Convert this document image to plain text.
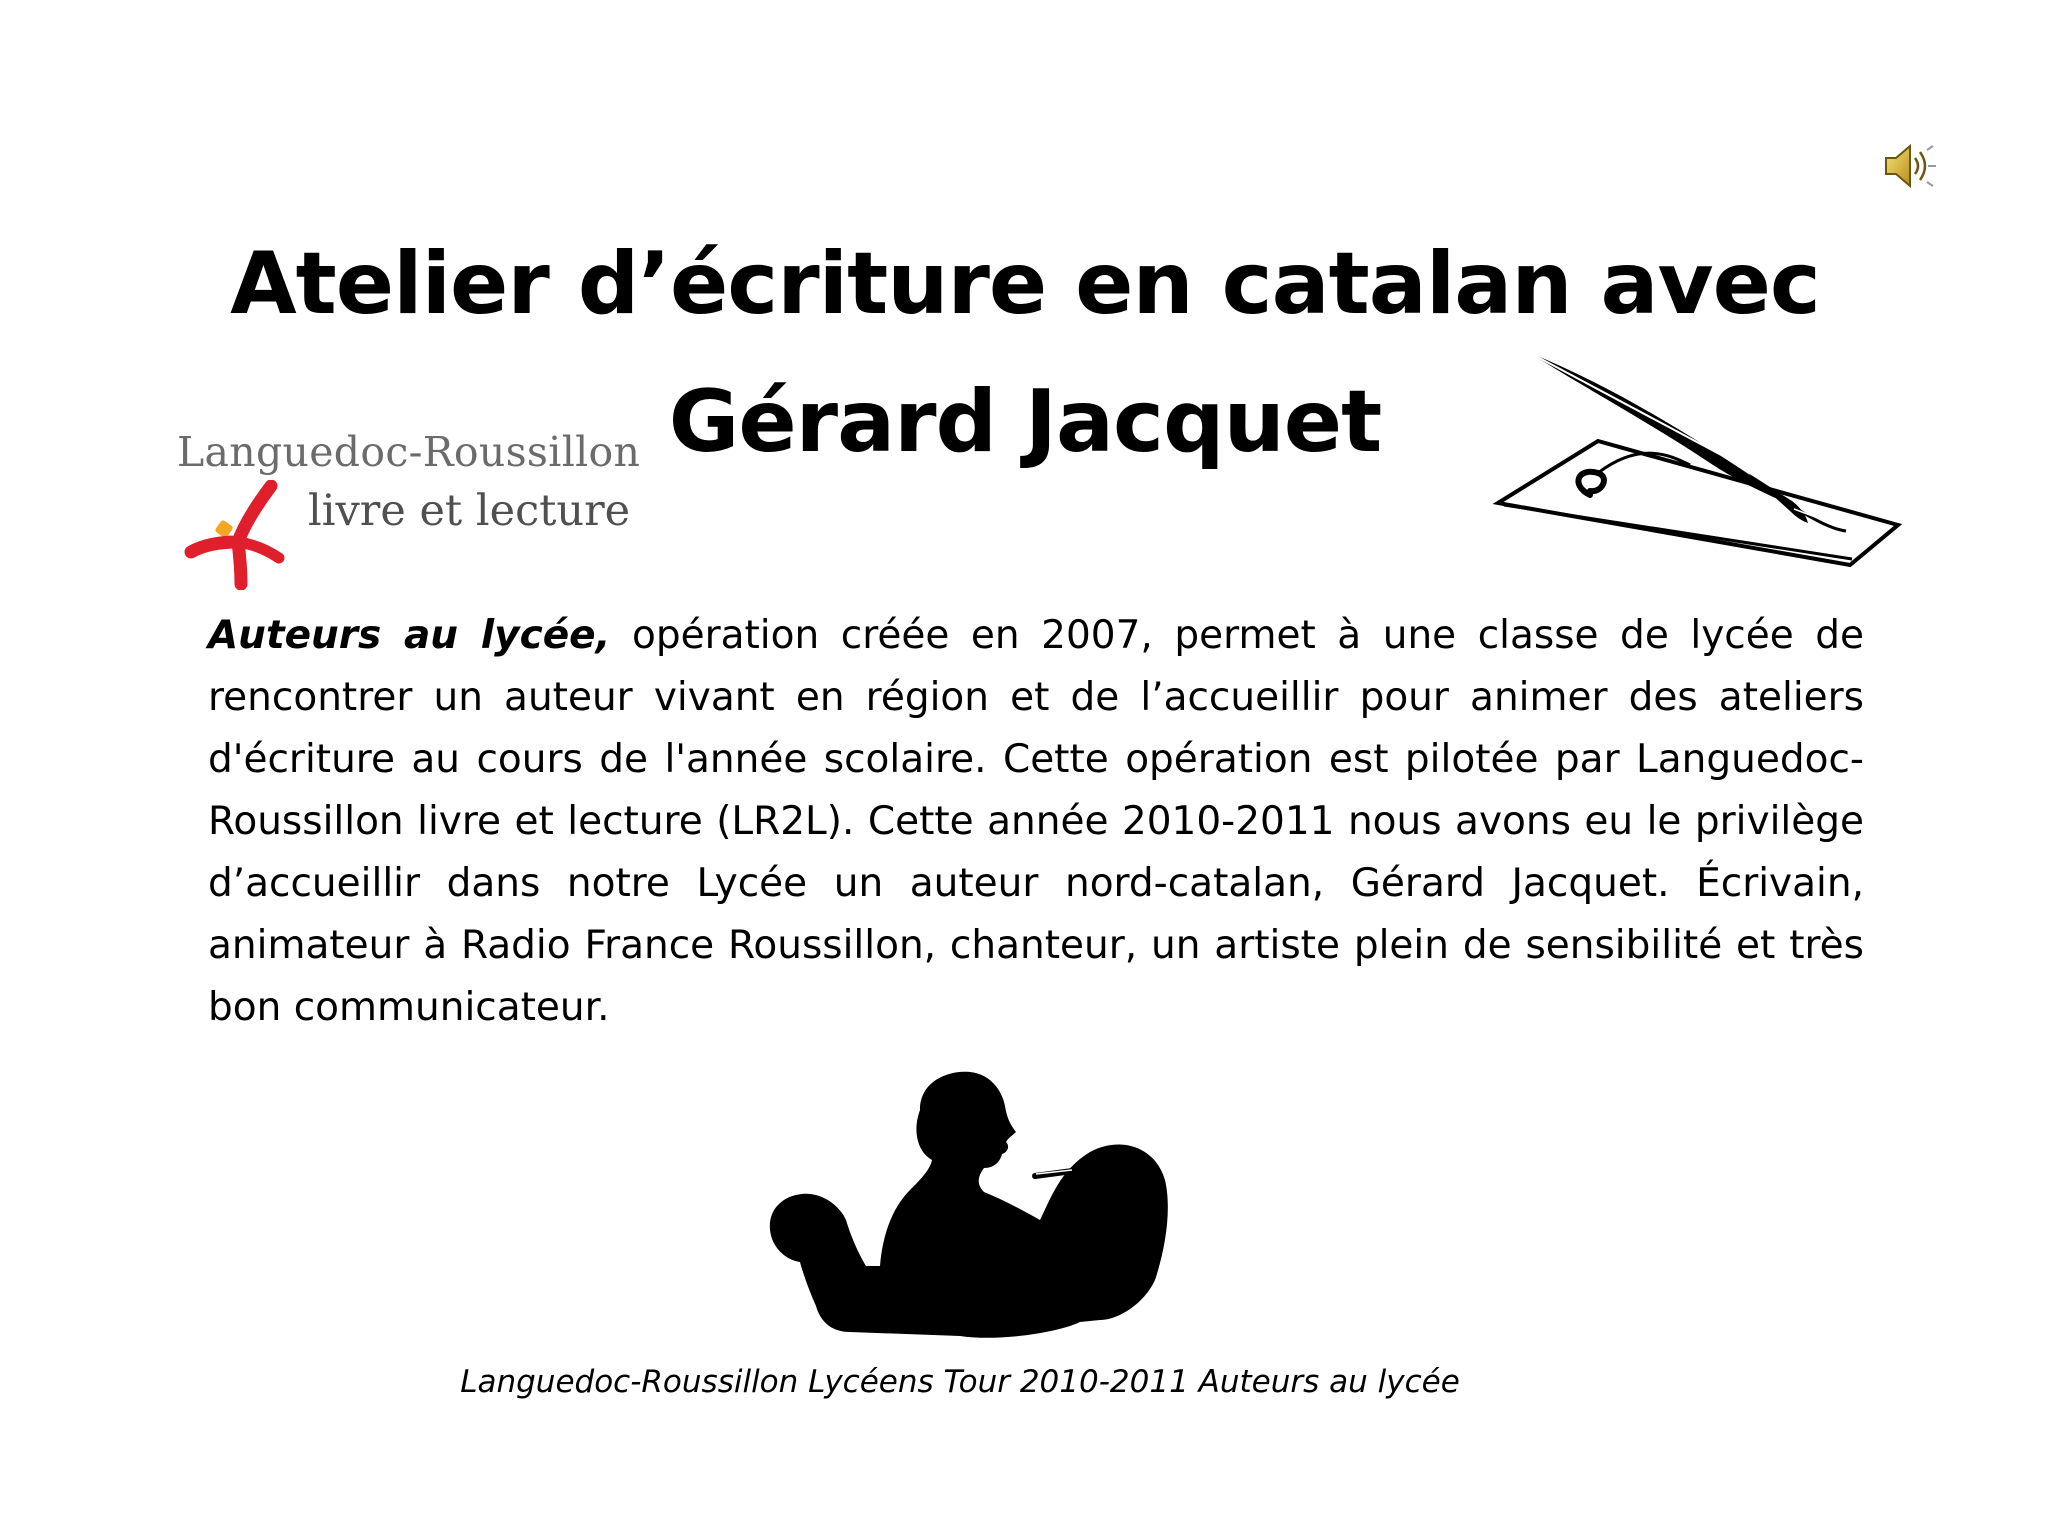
Atelier d’écriture en catalan avec
Gérard Jacquet
Languedoc-Roussillon
livre et lecture

Auteurs au lycée, opération créée en 2007, permet à une classe de lycée de rencontrer un auteur vivant en région et de l’accueillir pour animer des ateliers d'écriture au cours de l'année scolaire. Cette opération est pilotée par Languedoc-Roussillon livre et lecture (LR2L). Cette année 2010-2011 nous avons eu le privilège d’accueillir dans notre Lycée un auteur nord-catalan, Gérard Jacquet. Écrivain, animateur à Radio France Roussillon, chanteur, un artiste plein de sensibilité et très bon communicateur.

Languedoc-Roussillon Lycéens Tour 2010-2011 Auteurs au lycée
